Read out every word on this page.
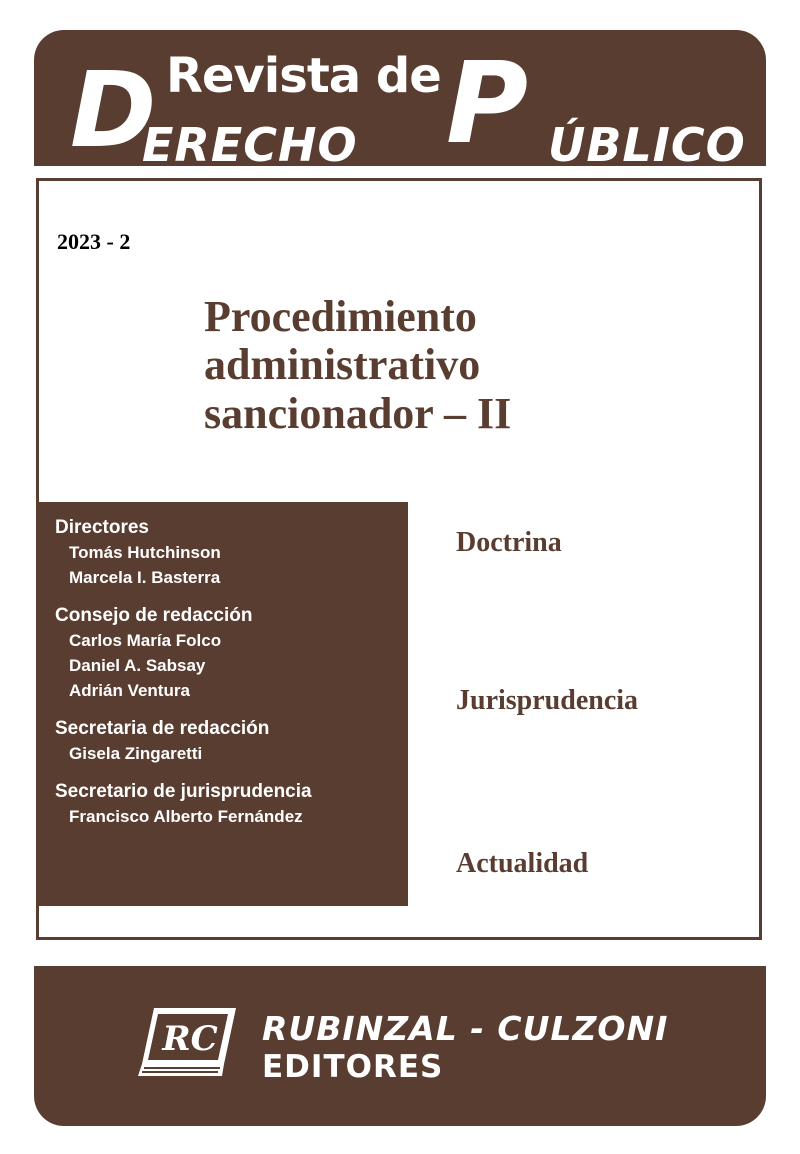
D Revista de
ERECHO P ÚBLICO
2023 - 2
Procedimiento
administrativo
sancionador – II
Directores
Tomás Hutchinson
Marcela I. Basterra
Consejo de redacción
Carlos María Folco
Daniel A. Sabsay
Adrián Ventura
Secretaria de redacción
Gisela Zingaretti
Secretario de jurisprudencia
Francisco Alberto Fernández
Doctrina
Jurisprudencia
Actualidad
RC RUBINZAL - CULZONI
EDITORES
